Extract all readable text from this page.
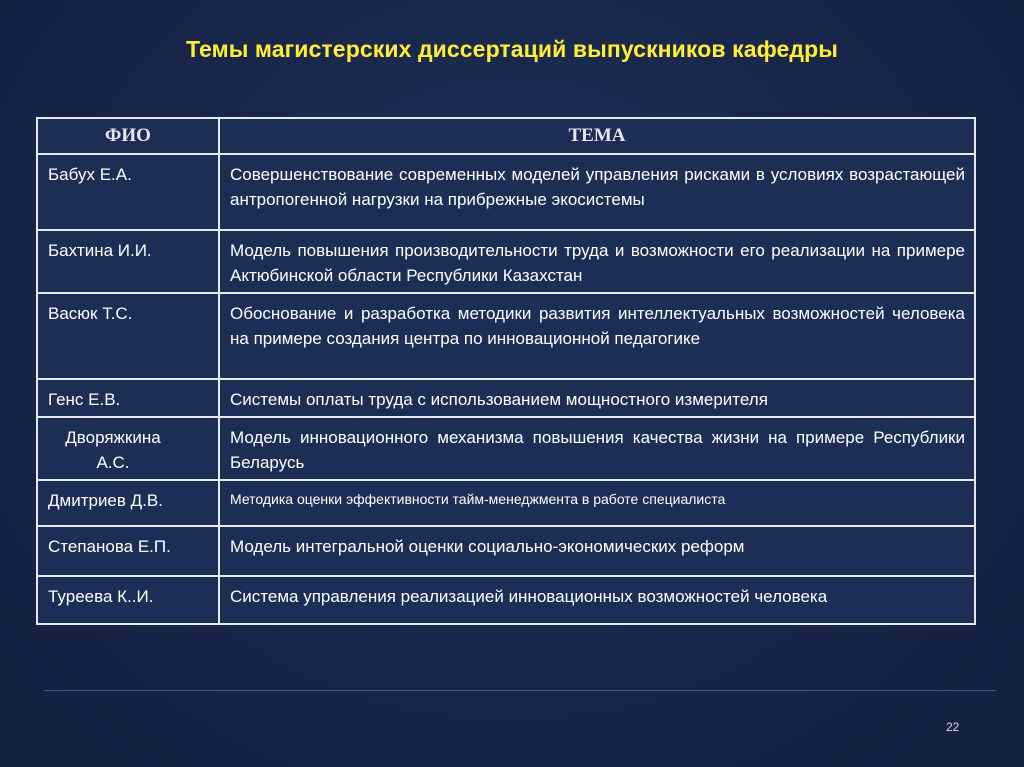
Темы магистерских диссертаций выпускников кафедры
ФИО	ТЕМА
Бабух Е.А.	Совершенствование современных моделей управления рисками в условиях возрастающей антропогенной нагрузки на прибрежные экосистемы
Бахтина И.И.	Модель повышения производительности труда и возможности его реализации на примере Актюбинской области Республики Казахстан
Васюк Т.С.	Обоснование и разработка методики развития интеллектуальных возможностей человека на примере создания центра по инновационной педагогике
Генс Е.В.	Системы оплаты труда с использованием мощностного измерителя
Дворяжкина А.С.	Модель инновационного механизма повышения качества жизни на примере Республики Беларусь
Дмитриев Д.В.	Методика оценки эффективности тайм-менеджмента в работе специалиста
Степанова Е.П.	Модель интегральной оценки социально-экономических реформ
Туреева К..И.	Система управления реализацией инновационных возможностей человека
22
